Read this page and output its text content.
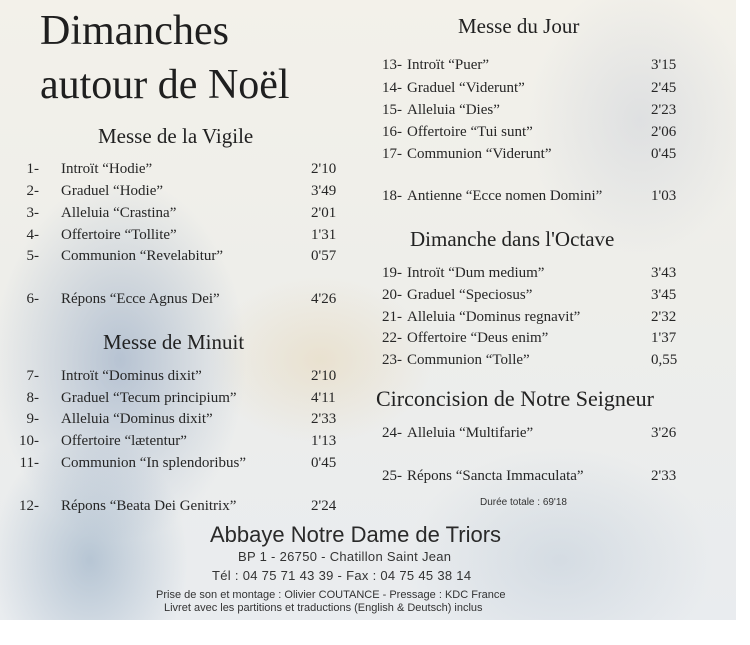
Dimanches
autour de Noël
Messe de la Vigile
1- Introït “Hodie”	2'10
2- Graduel “Hodie”	3'49
3- Alleluia “Crastina”	2'01
4- Offertoire “Tollite”	1'31
5- Communion “Revelabitur”	0'57
6- Répons “Ecce Agnus Dei”	4'26
Messe de Minuit
7- Introït “Dominus dixit”	2'10
8- Graduel “Tecum principium”	4'11
9- Alleluia “Dominus dixit”	2'33
10- Offertoire “lætentur”	1'13
11- Communion “In splendoribus”	0'45
12- Répons “Beata Dei Genitrix”	2'24
Messe du Jour
13- Introït “Puer”	3'15
14- Graduel “Viderunt”	2'45
15- Alleluia “Dies”	2'23
16- Offertoire “Tui sunt”	2'06
17- Communion “Viderunt”	0'45
18- Antienne “Ecce nomen Domini”	1'03
Dimanche dans l'Octave
19- Introït “Dum medium”	3'43
20- Graduel “Speciosus”	3'45
21- Alleluia “Dominus regnavit”	2'32
22- Offertoire “Deus enim”	1'37
23- Communion “Tolle”	0,55
Circoncision de Notre Seigneur
24- Alleluia “Multifarie”	3'26
25- Répons “Sancta Immaculata”	2'33
Durée totale : 69'18
Abbaye Notre Dame de Triors
BP 1 - 26750 - Chatillon Saint Jean
Tél : 04 75 71 43 39 - Fax : 04 75 45 38 14
Prise de son et montage : Olivier COUTANCE - Pressage : KDC France
Livret avec les partitions et traductions (English & Deutsch) inclus
